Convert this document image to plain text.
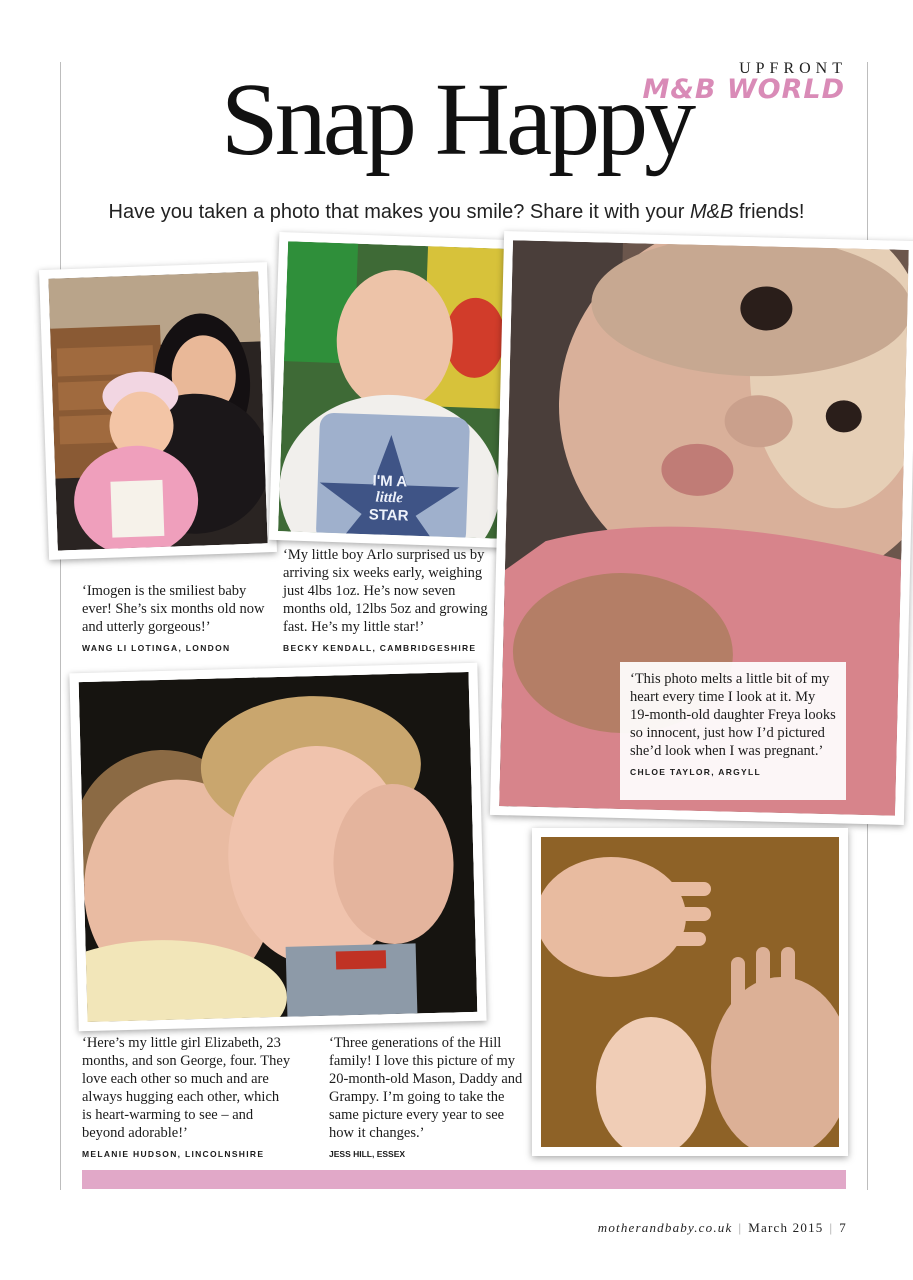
UPFRONT
M&B WORLD
Snap Happy
Have you taken a photo that makes you smile? Share it with your M&B friends!
I'M A
little
STAR
‘Imogen is the smiliest baby ever! She’s six months old now and utterly gorgeous!’
WANG LI LOTINGA, LONDON
‘My little boy Arlo surprised us by arriving six weeks early, weighing just 4lbs 1oz. He’s now seven months old, 12lbs 5oz and growing fast. He’s my little star!’
BECKY KENDALL, CAMBRIDGESHIRE
‘This photo melts a little bit of my heart every time I look at it. My 19-month-old daughter Freya looks so innocent, just how I’d pictured she’d look when I was pregnant.’
CHLOE TAYLOR, ARGYLL
‘Here’s my little girl Elizabeth, 23 months, and son George, four. They love each other so much and are always hugging each other, which is heart-warming to see – and beyond adorable!’
MELANIE HUDSON, LINCOLNSHIRE
‘Three generations of the Hill family! I love this picture of my 20-month-old Mason, Daddy and Grampy. I’m going to take the same picture every year to see how it changes.’
JESS HILL, ESSEX
motherandbaby.co.uk | March 2015 | 7
